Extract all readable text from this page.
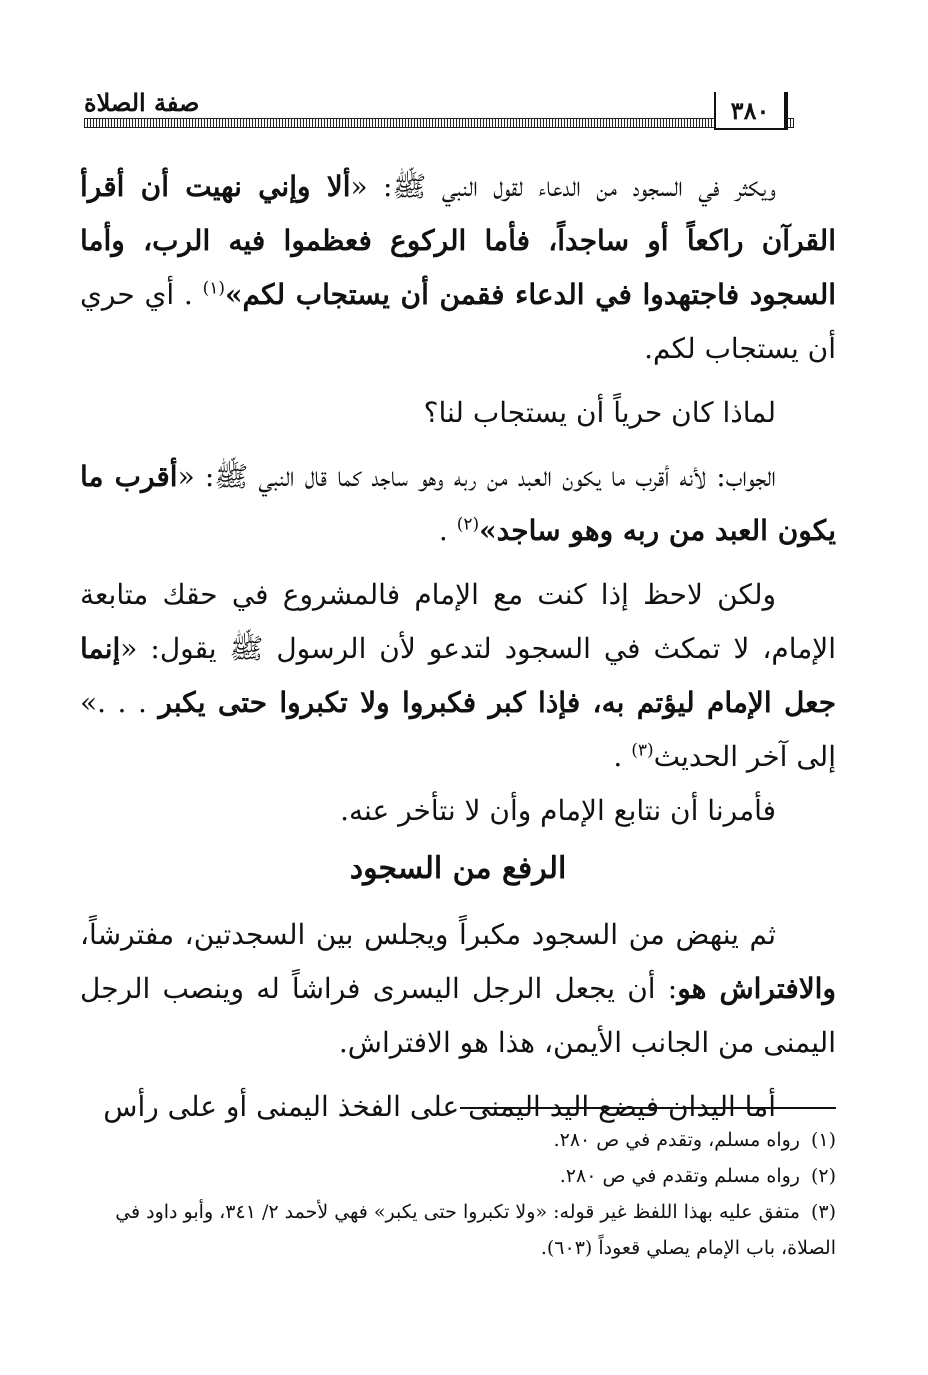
٣٨٠
صفة الصلاة

ويكثر في السجود من الدعاء لقول النبي ﷺ: «ألا وإني نهيت أن أقرأ القرآن راكعاً أو ساجداً، فأما الركوع فعظموا فيه الرب، وأما السجود فاجتهدوا في الدعاء فقمن أن يستجاب لكم»$^{(١)}$ . أي حري أن يستجاب لكم.

لماذا كان حرياً أن يستجاب لنا؟

الجواب: لأنه أقرب ما يكون العبد من ربه وهو ساجد كما قال النبي ﷺ: «أقرب ما يكون العبد من ربه وهو ساجد»$^{(٢)}$ .

ولكن لاحظ إذا كنت مع الإمام فالمشروع في حقك متابعة الإمام، لا تمكث في السجود لتدعو لأن الرسول ﷺ يقول: «إنما جعل الإمام ليؤتم به، فإذا كبر فكبروا ولا تكبروا حتى يكبر . . .» إلى آخر الحديث$^{(٣)}$ .

فأمرنا أن نتابع الإمام وأن لا نتأخر عنه.

الرفع من السجود

ثم ينهض من السجود مكبراً ويجلس بين السجدتين، مفترشاً، والافتراش هو: أن يجعل الرجل اليسرى فراشاً له وينصب الرجل اليمنى من الجانب الأيمن، هذا هو الافتراش.

أما اليدان فيضع اليد اليمنى على الفخذ اليمنى أو على رأس

(١) رواه مسلم، وتقدم في ص ٢٨٠.

(٢) رواه مسلم وتقدم في ص ٢٨٠.

(٣) متفق عليه بهذا اللفظ غير قوله: «ولا تكبروا حتى يكبر» فهي لأحمد ٢/ ٣٤١، وأبو داود في الصلاة، باب الإمام يصلي قعوداً (٦٠٣).
